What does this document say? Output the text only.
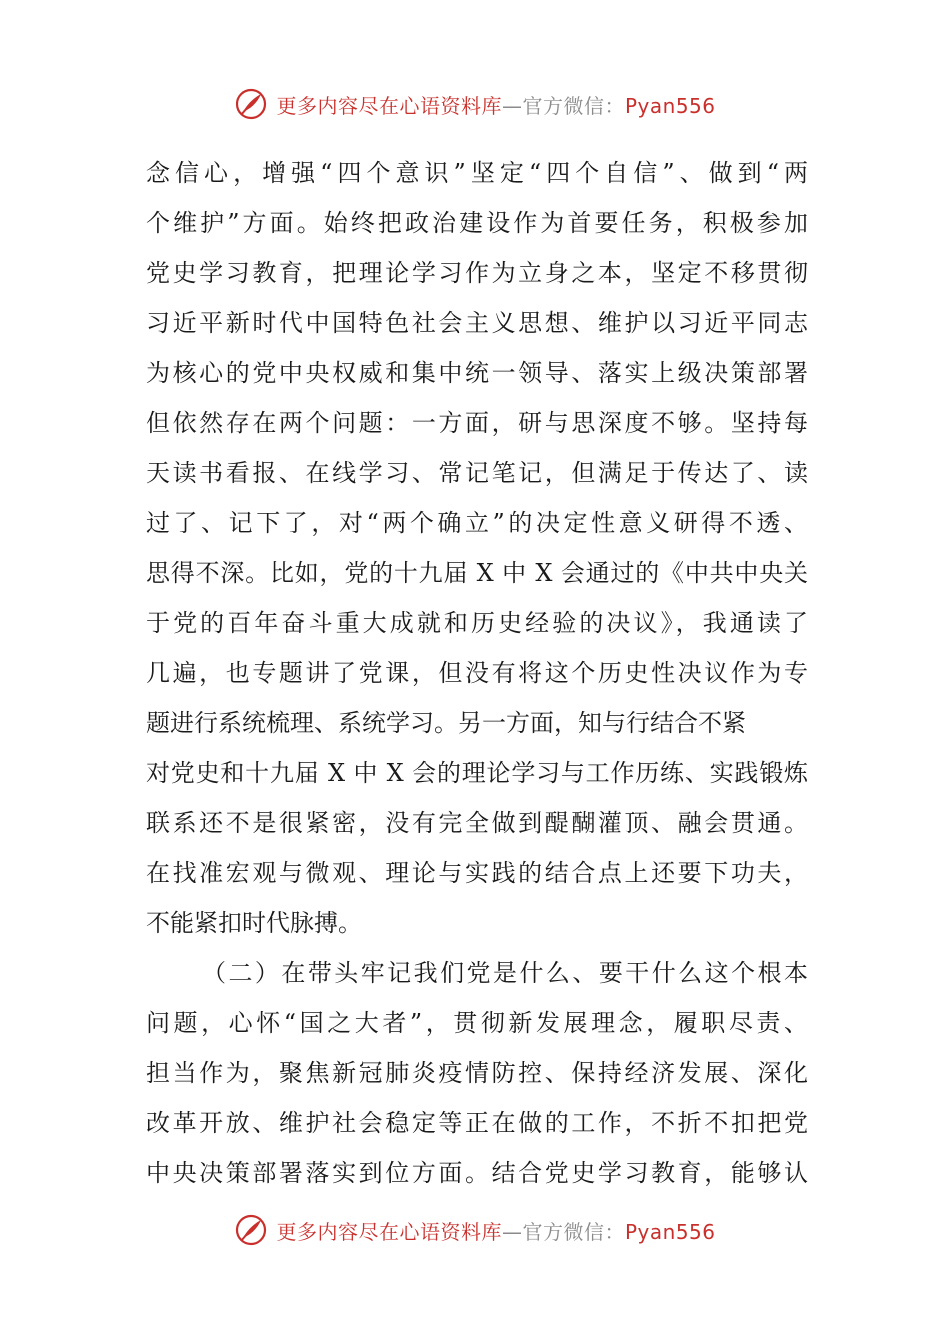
更多内容尽在心语资料库—官方微信：Pyan556
念信心，增强“四个意识”坚定“四个自信”、做到“两
个维护”方面。始终把政治建设作为首要任务，积极参加
党史学习教育，把理论学习作为立身之本，坚定不移贯彻
习近平新时代中国特色社会主义思想、维护以习近平同志
为核心的党中央权威和集中统一领导、落实上级决策部署
但依然存在两个问题：一方面，研与思深度不够。坚持每
天读书看报、在线学习、常记笔记，但满足于传达了、读
过了、记下了，对“两个确立”的决定性意义研得不透、
思得不深。比如，党的十九届 X 中 X 会通过的《中共中央关
于党的百年奋斗重大成就和历史经验的决议》，我通读了
几遍，也专题讲了党课，但没有将这个历史性决议作为专
题进行系统梳理、系统学习。另一方面，知与行结合不紧
对党史和十九届 X 中 X 会的理论学习与工作历练、实践锻炼
联系还不是很紧密，没有完全做到醍醐灌顶、融会贯通。
在找准宏观与微观、理论与实践的结合点上还要下功夫，
不能紧扣时代脉搏。
（二）在带头牢记我们党是什么、要干什么这个根本
问题，心怀“国之大者”，贯彻新发展理念，履职尽责、
担当作为，聚焦新冠肺炎疫情防控、保持经济发展、深化
改革开放、维护社会稳定等正在做的工作，不折不扣把党
中央决策部署落实到位方面。结合党史学习教育，能够认
更多内容尽在心语资料库—官方微信：Pyan556
